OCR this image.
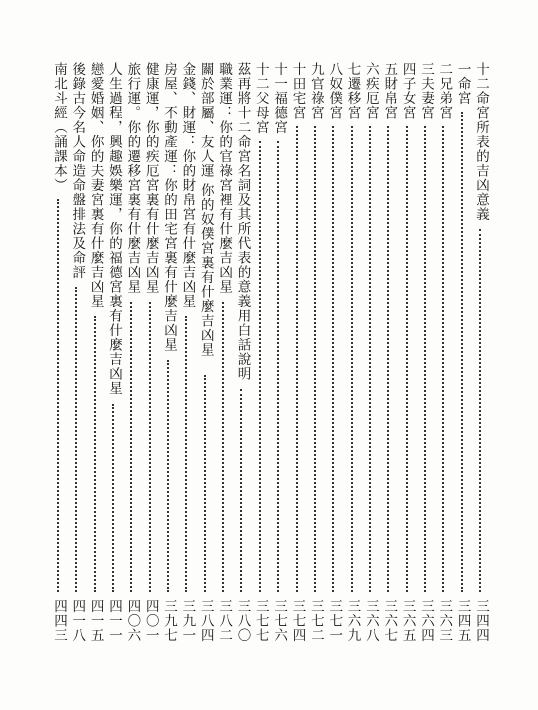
十二命宮所表的吉凶意義
三四四
一命宮
三四五
二兄弟宮
三六三
三夫妻宮
三六四
四子女宮
三六五
五財帛宮
三六七
六疾厄宮
三六八
七遷移宮
三六九
八奴僕宮
三七一
九官祿宮
三七二
十田宅宮
三七四
十一福德宮
三七六
十二父母宮
三七七
茲再將十二命宮名詞及其所代表的意義用白話說明
三八〇
職業運：你的官祿宮裡有什麼吉凶星
三八二
關於部屬、友人運 你的奴僕宮裏有什麼吉凶星
三八四
金錢、財運：你的財帛宮有什麼吉凶星
三九一
房屋、不動產運：你的田宅宮裏有什麼吉凶星
三九七
健康運，你的疾厄宮裏有什麼吉凶星
四〇一
旅行運。你的遷移宮裏有什麼吉凶星
四〇六
人生過程，興趣娛樂運，你的福德宮裏有什麼吉凶星
四一一
戀愛婚姻、你的夫妻宮裏有什麼吉凶星
四一五
後錄古今名人命造命盤排法及命評
四一八
南北斗經（誦課本）
四四三
